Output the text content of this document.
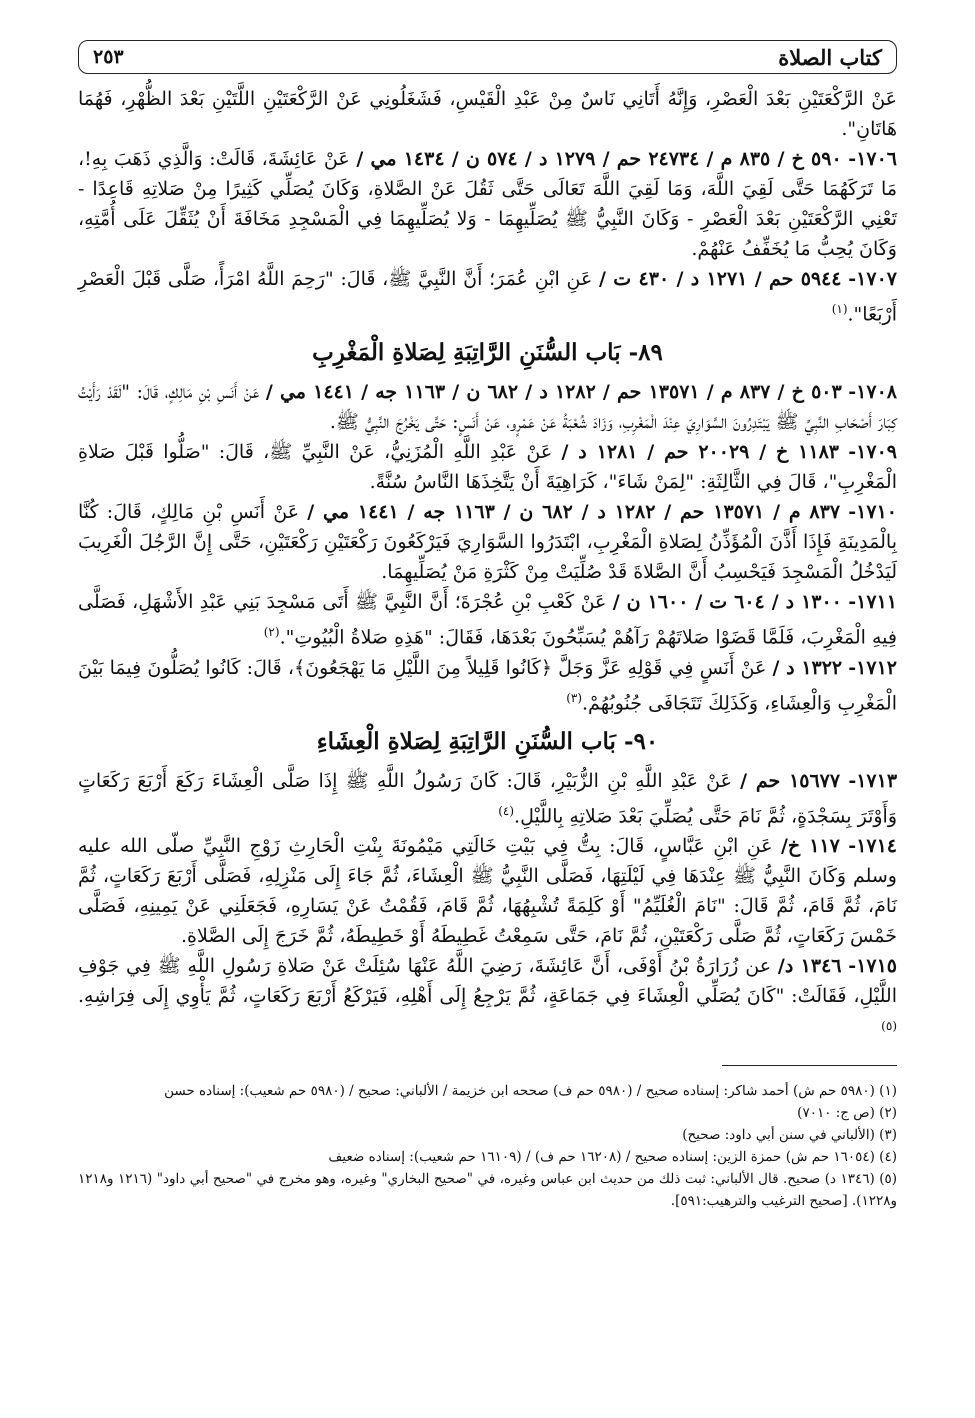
كتاب الصلاة
٢٥٣

عَنْ الرَّكْعَتَيْنِ بَعْدَ الْعَصْرِ، وَإِنَّهُ أَتَانِي نَاسٌ مِنْ عَبْدِ الْقَيْسِ، فَشَغَلُونِي عَنْ الرَّكْعَتَيْنِ اللَّتَيْنِ بَعْدَ الظُّهْرِ، فَهُمَا هَاتَانِ".

١٧٠٦- ٥٩٠ خ / ٨٣٥ م / ٢٤٧٣٤ حم / ١٢٧٩ د / ٥٧٤ ن / ١٤٣٤ مي / عَنْ عَائِشَةَ، قَالَتْ: وَالَّذِي ذَهَبَ بِهِ!، مَا تَرَكَهُمَا حَتَّى لَقِيَ اللَّهَ، وَمَا لَقِيَ اللَّهَ تَعَالَى حَتَّى ثَقُلَ عَنْ الصَّلاةِ، وَكَانَ يُصَلِّي كَثِيرًا مِنْ صَلاتِهِ قَاعِدًا - تَعْنِي الرَّكْعَتَيْنِ بَعْدَ الْعَصْرِ - وَكَانَ النَّبِيُّ ﷺ يُصَلِّيهِمَا - وَلا يُصَلِّيهِمَا فِي الْمَسْجِدِ مَخَافَةَ أَنْ يُثَقِّلَ عَلَى أُمَّتِهِ، وَكَانَ يُحِبُّ مَا يُخَفِّفُ عَنْهُمْ.

١٧٠٧- ٥٩٤٤ حم / ١٢٧١ د / ٤٣٠ ت / عَنِ ابْنِ عُمَرَ؛ أَنَّ النَّبِيَّ ﷺ، قَالَ: "رَحِمَ اللَّهُ امْرَأً، صَلَّى قَبْلَ الْعَصْرِ أَرْبَعًا".$^{(١)}$

٨٩- بَاب السُّنَنِ الرَّاتِبَةِ لِصَلاةِ الْمَغْرِبِ

١٧٠٨- ٥٠٣ خ / ٨٣٧ م / ١٣٥٧١ حم / ١٢٨٢ د / ٦٨٢ ن / ١١٦٣ جه / ١٤٤١ مي / عَنْ أَنَسِ بْنِ مَالِكٍ، قَالَ: "لَقَدْ رَأَيْتُ كِبَارَ أَصْحَابِ النَّبِيِّ ﷺ يَبْتَدِرُونَ السَّوَارِيَ عِنْدَ الْمَغْرِبِ، وَزَادَ شُعْبَةُ عَنْ عَمْرٍو، عَنْ أَنَسٍ: حَتَّى يَخْرُجَ النَّبِيُّ ﷺ.

١٧٠٩- ١١٨٣ خ / ٢٠٠٢٩ حم / ١٢٨١ د / عَنْ عَبْدِ اللَّهِ الْمُزَنِيُّ، عَنْ النَّبِيِّ ﷺ، قَالَ: "صَلُّوا قَبْلَ صَلاةِ الْمَغْرِبِ"، قَالَ فِي الثَّالِثَةِ: "لِمَنْ شَاءَ"، كَرَاهِيَةَ أَنْ يَتَّخِذَهَا النَّاسُ سُنَّةً.

١٧١٠- ٨٣٧ م / ١٣٥٧١ حم / ١٢٨٢ د / ٦٨٢ ن / ١١٦٣ جه / ١٤٤١ مي / عَنْ أَنَسِ بْنِ مَالِكٍ، قَالَ: كُنَّا بِالْمَدِينَةِ فَإِذَا أَذَّنَ الْمُؤَذِّنُ لِصَلاةِ الْمَغْرِبِ، ابْتَدَرُوا السَّوَارِيَ فَيَرْكَعُونَ رَكْعَتَيْنِ رَكْعَتَيْنِ، حَتَّى إِنَّ الرَّجُلَ الْغَرِيبَ لَيَدْخُلُ الْمَسْجِدَ فَيَحْسِبُ أَنَّ الصَّلاةَ قَدْ صُلِّيَتْ مِنْ كَثْرَةِ مَنْ يُصَلِّيهِمَا.

١٧١١- ١٣٠٠ د / ٦٠٤ ت / ١٦٠٠ ن / عَنْ كَعْبِ بْنِ عُجْرَةَ؛ أَنَّ النَّبِيَّ ﷺ أَتَى مَسْجِدَ بَنِي عَبْدِ الأَشْهَلِ، فَصَلَّى فِيهِ الْمَغْرِبَ، فَلَمَّا قَضَوْا صَلاتَهُمْ رَآهُمْ يُسَبِّحُونَ بَعْدَهَا، فَقَالَ: "هَذِهِ صَلاةُ الْبُيُوتِ".$^{(٢)}$

١٧١٢- ١٣٢٢ د / عَنْ أَنَسٍ فِي قَوْلِهِ عَزَّ وَجَلَّ ﴿كَانُوا قَلِيلاً مِنَ اللَّيْلِ مَا يَهْجَعُونَ﴾، قَالَ: كَانُوا يُصَلُّونَ فِيمَا بَيْنَ الْمَغْرِبِ وَالْعِشَاءِ، وَكَذَلِكَ تَتَجَافَى جُنُوبُهُمْ.$^{(٣)}$

٩٠- بَاب السُّنَنِ الرَّاتِبَةِ لِصَلاةِ الْعِشَاءِ

١٧١٣- ١٥٦٧٧ حم / عَنْ عَبْدِ اللَّهِ بْنِ الزُّبَيْرِ، قَالَ: كَانَ رَسُولُ اللَّهِ ﷺ إِذَا صَلَّى الْعِشَاءَ رَكَعَ أَرْبَعَ رَكَعَاتٍ وَأَوْتَرَ بِسَجْدَةٍ، ثُمَّ نَامَ حَتَّى يُصَلِّيَ بَعْدَ صَلاتِهِ بِاللَّيْلِ.$^{(٤)}$

١٧١٤- ١١٧ خ/ عَنِ ابْنِ عَبَّاسٍ، قَالَ: بِتُّ فِي بَيْتِ خَالَتِي مَيْمُونَةَ بِنْتِ الْحَارِثِ زَوْجِ النَّبِيِّ صلّى الله عليه وسلم وَكَانَ النَّبِيُّ ﷺ عِنْدَهَا فِي لَيْلَتِهَا، فَصَلَّى النَّبِيُّ ﷺ الْعِشَاءَ، ثُمَّ جَاءَ إِلَى مَنْزِلِهِ، فَصَلَّى أَرْبَعَ رَكَعَاتٍ، ثُمَّ نَامَ، ثُمَّ قَامَ، ثُمَّ قَالَ: "نَامَ الْغُلَيِّمُ" أَوْ كَلِمَةً تُشْبِهُهَا، ثُمَّ قَامَ، فَقُمْتُ عَنْ يَسَارِهِ، فَجَعَلَنِي عَنْ يَمِينِهِ، فَصَلَّى خَمْسَ رَكَعَاتٍ، ثُمَّ صَلَّى رَكْعَتَيْنِ، ثُمَّ نَامَ، حَتَّى سَمِعْتُ غَطِيطَهُ أَوْ خَطِيطَهُ، ثُمَّ خَرَجَ إِلَى الصَّلاةِ.

١٧١٥- ١٣٤٦ د/ عن زُرَارَةُ بْنُ أَوْفَى، أَنَّ عَائِشَةَ، رَضِيَ اللَّهُ عَنْهَا سُئِلَتْ عَنْ صَلاةِ رَسُولِ اللَّهِ ﷺ فِي جَوْفِ اللَّيْلِ، فَقَالَتْ: "كَانَ يُصَلِّي الْعِشَاءَ فِي جَمَاعَةٍ، ثُمَّ يَرْجِعُ إِلَى أَهْلِهِ، فَيَرْكَعُ أَرْبَعَ رَكَعَاتٍ، ثُمَّ يَأْوِي إِلَى فِرَاشِهِ.$^{(٥)}$

(١) (٥٩٨٠ حم ش) أحمد شاكر: إسناده صحيح / (٥٩٨٠ حم ف) صححه ابن خزيمة / الألباني: صحيح / (٥٩٨٠ حم شعيب): إسناده حسن

(٢) (ص ج: ٧٠١٠)

(٣) (الألباني في سنن أبي داود: صحيح)

(٤) (١٦٠٥٤ حم ش) حمزة الزين: إسناده صحيح / (١٦٢٠٨ حم ف) / (١٦١٠٩ حم شعيب): إسناده ضعيف

(٥) (١٣٤٦ د) صحيح. قال الألباني: ثبت ذلك من حديث ابن عباس وغيره، في "صحيح البخاري" وغيره، وهو مخرج في "صحيح أبي داود" (١٢١٦ و١٢١٨ و١٢٢٨). [صحيح الترغيب والترهيب:٥٩١].
